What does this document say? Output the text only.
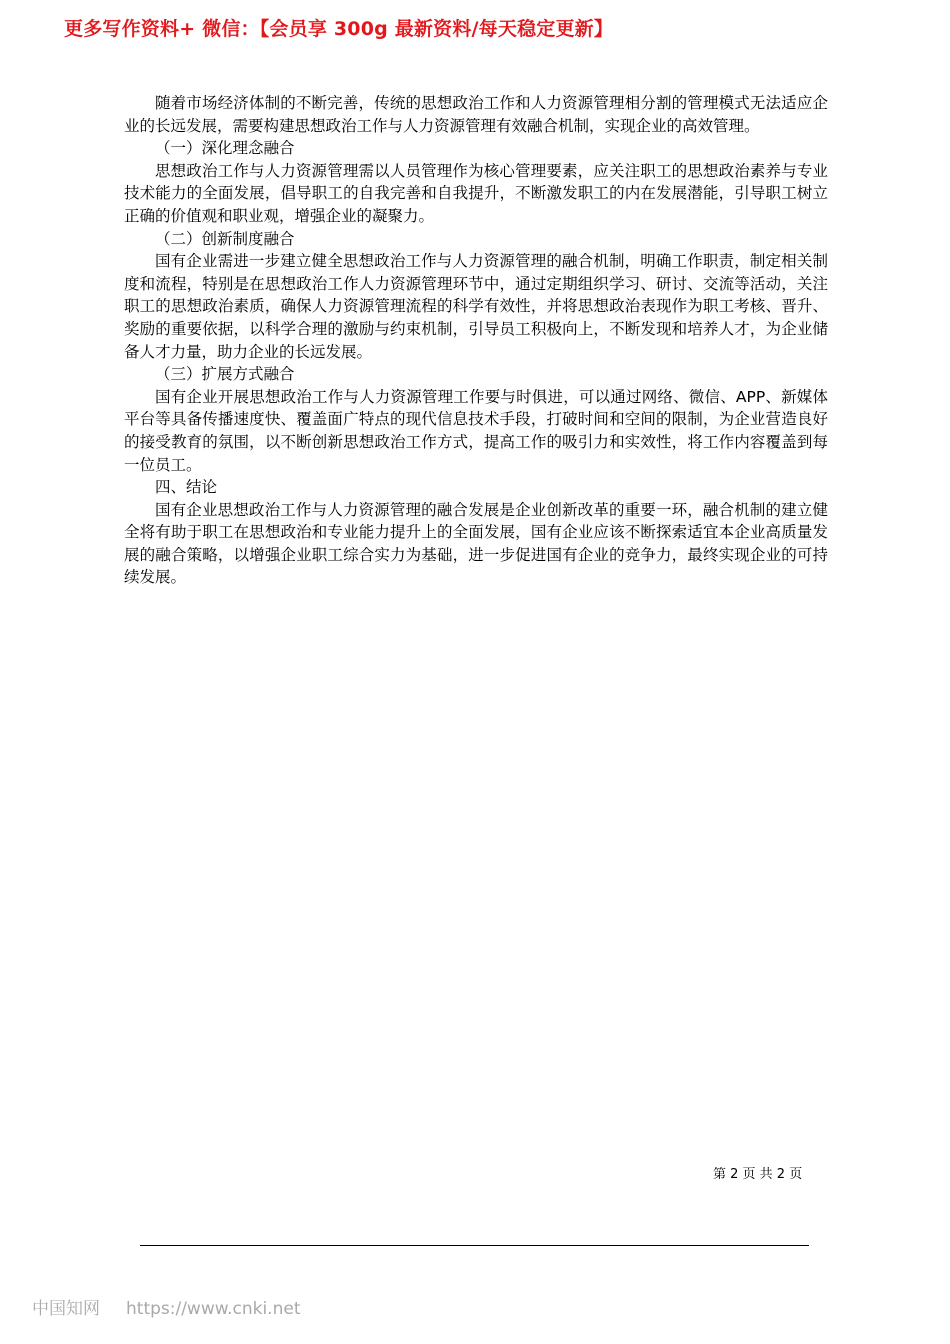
更多写作资料+ 微信：【会员享 300g 最新资料/每天稳定更新】

随着市场经济体制的不断完善，传统的思想政治工作和人力资源管理相分割的管理模式无法适应企业的长远发展，需要构建思想政治工作与人力资源管理有效融合机制，实现企业的高效管理。

（一）深化理念融合

思想政治工作与人力资源管理需以人员管理作为核心管理要素，应关注职工的思想政治素养与专业技术能力的全面发展，倡导职工的自我完善和自我提升，不断激发职工的内在发展潜能，引导职工树立正确的价值观和职业观，增强企业的凝聚力。

（二）创新制度融合

国有企业需进一步建立健全思想政治工作与人力资源管理的融合机制，明确工作职责，制定相关制度和流程，特别是在思想政治工作人力资源管理环节中，通过定期组织学习、研讨、交流等活动，关注职工的思想政治素质，确保人力资源管理流程的科学有效性，并将思想政治表现作为职工考核、晋升、奖励的重要依据，以科学合理的激励与约束机制，引导员工积极向上，不断发现和培养人才，为企业储备人才力量，助力企业的长远发展。

（三）扩展方式融合

国有企业开展思想政治工作与人力资源管理工作要与时俱进，可以通过网络、微信、APP、新媒体平台等具备传播速度快、覆盖面广特点的现代信息技术手段，打破时间和空间的限制，为企业营造良好的接受教育的氛围，以不断创新思想政治工作方式，提高工作的吸引力和实效性，将工作内容覆盖到每一位员工。

四、结论

国有企业思想政治工作与人力资源管理的融合发展是企业创新改革的重要一环，融合机制的建立健全将有助于职工在思想政治和专业能力提升上的全面发展，国有企业应该不断探索适宜本企业高质量发展的融合策略，以增强企业职工综合实力为基础，进一步促进国有企业的竞争力，最终实现企业的可持续发展。

第 2 页 共 2 页
中国知网 https://www.cnki.net
